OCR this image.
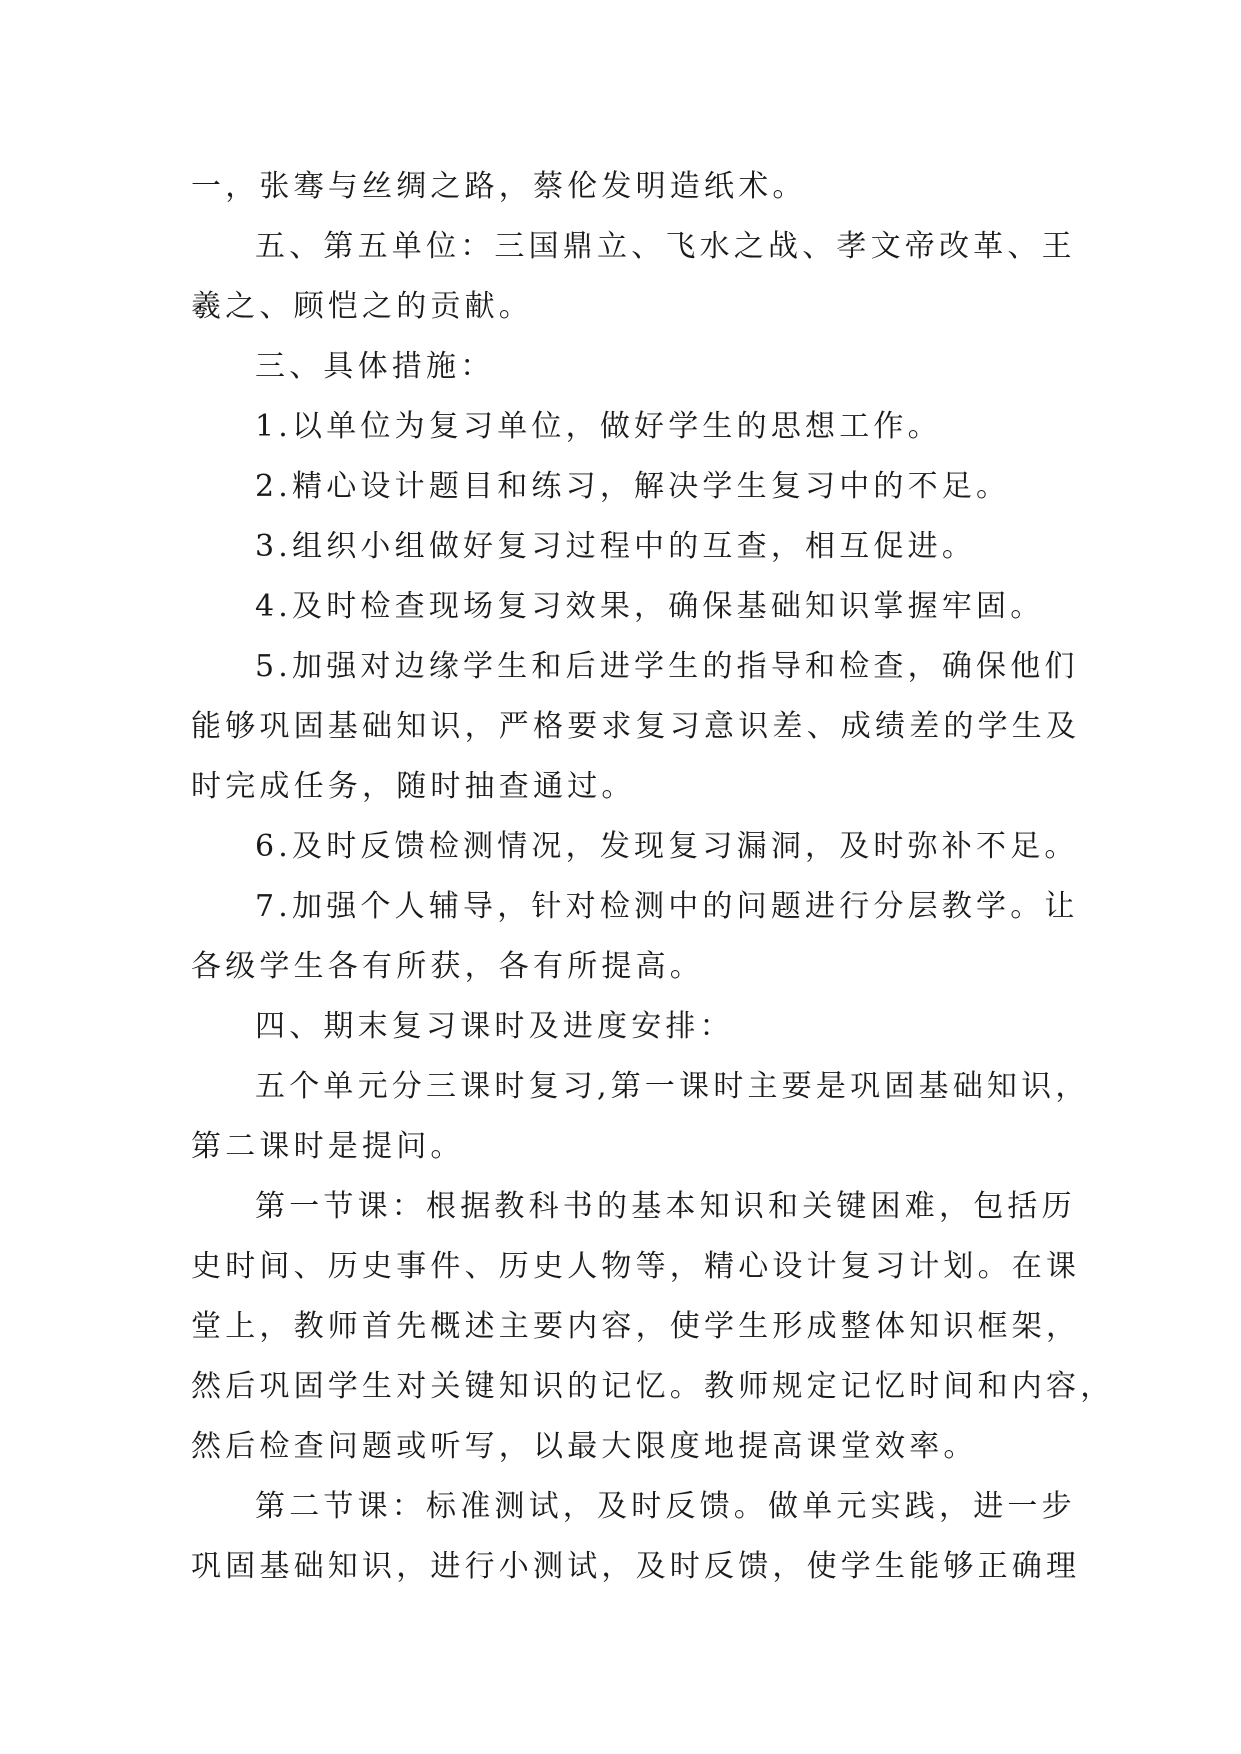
一，张骞与丝绸之路，蔡伦发明造纸术。
五、第五单位：三国鼎立、飞水之战、孝文帝改革、王
羲之、顾恺之的贡献。
三、具体措施：
1.以单位为复习单位，做好学生的思想工作。
2.精心设计题目和练习，解决学生复习中的不足。
3.组织小组做好复习过程中的互查，相互促进。
4.及时检查现场复习效果，确保基础知识掌握牢固。
5.加强对边缘学生和后进学生的指导和检查，确保他们
能够巩固基础知识，严格要求复习意识差、成绩差的学生及
时完成任务，随时抽查通过。
6.及时反馈检测情况，发现复习漏洞，及时弥补不足。
7.加强个人辅导，针对检测中的问题进行分层教学。让
各级学生各有所获，各有所提高。
四、期末复习课时及进度安排：
五个单元分三课时复习,第一课时主要是巩固基础知识，
第二课时是提问。
第一节课：根据教科书的基本知识和关键困难，包括历
史时间、历史事件、历史人物等，精心设计复习计划。在课
堂上，教师首先概述主要内容，使学生形成整体知识框架，
然后巩固学生对关键知识的记忆。教师规定记忆时间和内容，
然后检查问题或听写，以最大限度地提高课堂效率。
第二节课：标准测试，及时反馈。做单元实践，进一步
巩固基础知识，进行小测试，及时反馈，使学生能够正确理
